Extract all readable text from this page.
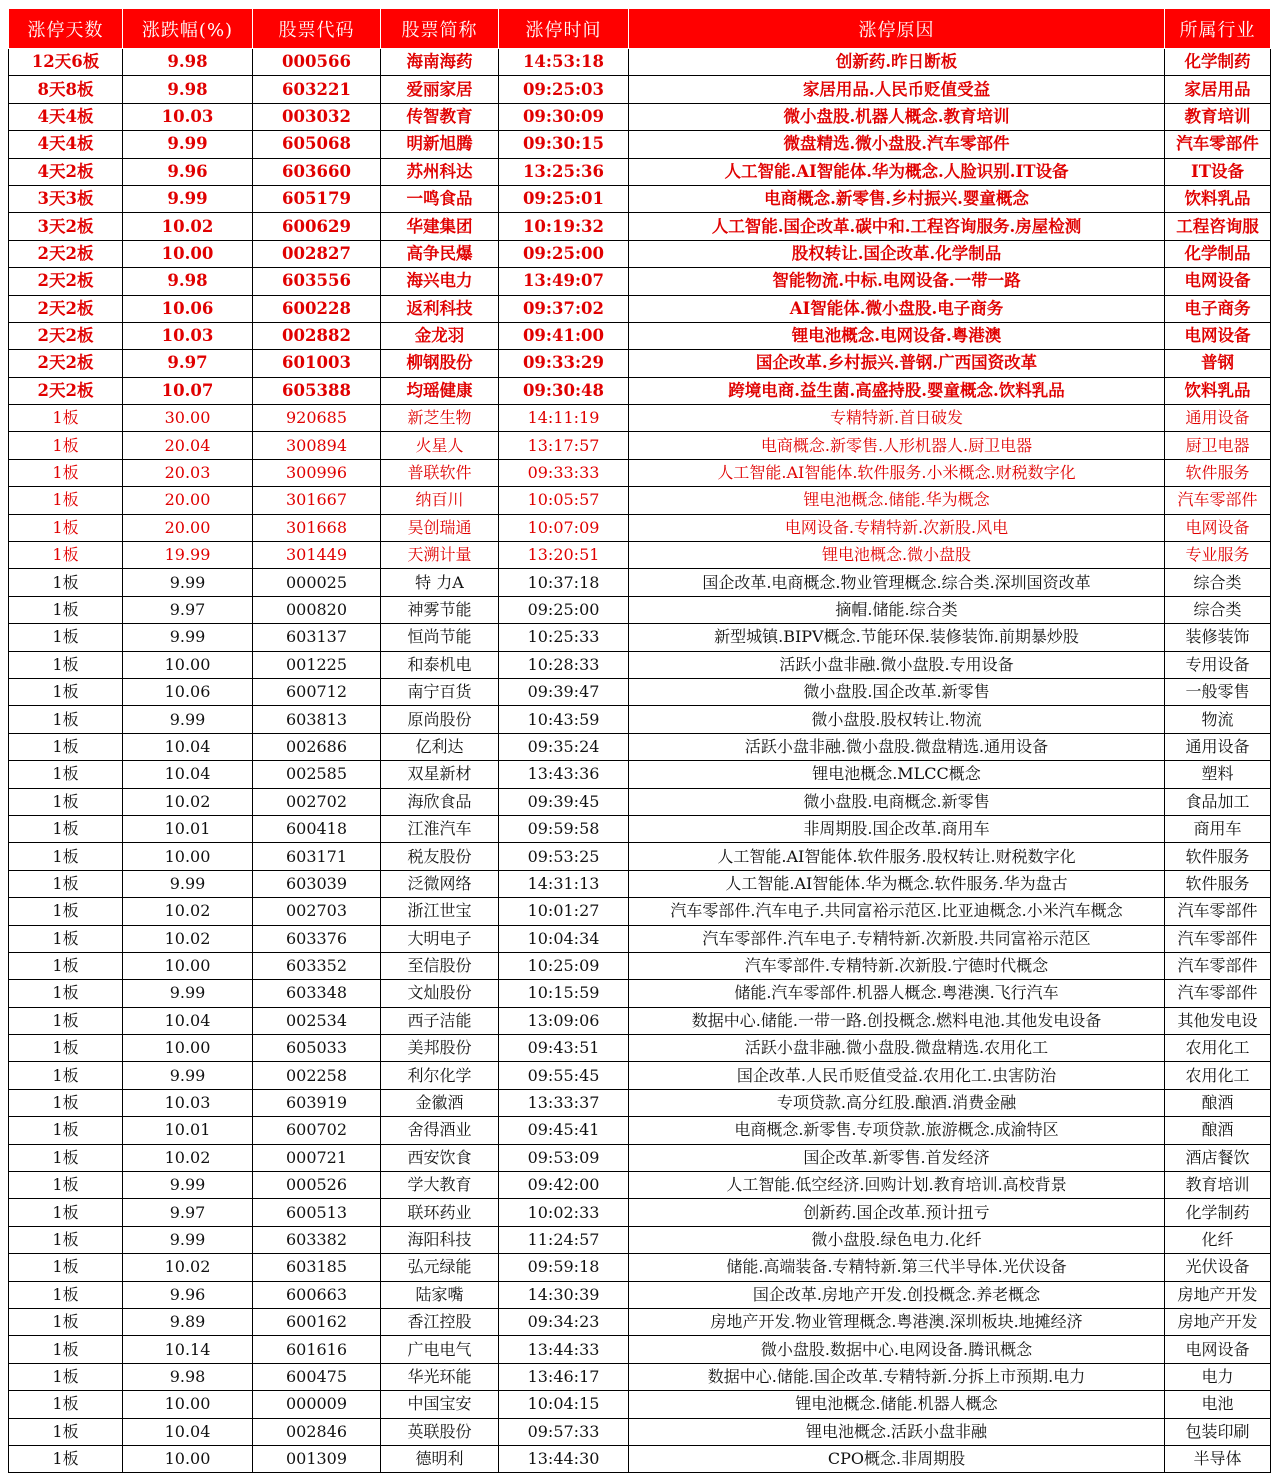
涨停天数	涨跌幅(%)	股票代码	股票简称	涨停时间	涨停原因	所属行业
12天6板	9.98	000566	海南海药	14:53:18	创新药.昨日断板	化学制药
8天8板	9.98	603221	爱丽家居	09:25:03	家居用品.人民币贬值受益	家居用品
4天4板	10.03	003032	传智教育	09:30:09	微小盘股.机器人概念.教育培训	教育培训
4天4板	9.99	605068	明新旭腾	09:30:15	微盘精选.微小盘股.汽车零部件	汽车零部件
4天2板	9.96	603660	苏州科达	13:25:36	人工智能.AI智能体.华为概念.人脸识别.IT设备	IT设备
3天3板	9.99	605179	一鸣食品	09:25:01	电商概念.新零售.乡村振兴.婴童概念	饮料乳品
3天2板	10.02	600629	华建集团	10:19:32	人工智能.国企改革.碳中和.工程咨询服务.房屋检测	工程咨询服
2天2板	10.00	002827	高争民爆	09:25:00	股权转让.国企改革.化学制品	化学制品
2天2板	9.98	603556	海兴电力	13:49:07	智能物流.中标.电网设备.一带一路	电网设备
2天2板	10.06	600228	返利科技	09:37:02	AI智能体.微小盘股.电子商务	电子商务
2天2板	10.03	002882	金龙羽	09:41:00	锂电池概念.电网设备.粤港澳	电网设备
2天2板	9.97	601003	柳钢股份	09:33:29	国企改革.乡村振兴.普钢.广西国资改革	普钢
2天2板	10.07	605388	均瑶健康	09:30:48	跨境电商.益生菌.高盛持股.婴童概念.饮料乳品	饮料乳品
1板	30.00	920685	新芝生物	14:11:19	专精特新.首日破发	通用设备
1板	20.04	300894	火星人	13:17:57	电商概念.新零售.人形机器人.厨卫电器	厨卫电器
1板	20.03	300996	普联软件	09:33:33	人工智能.AI智能体.软件服务.小米概念.财税数字化	软件服务
1板	20.00	301667	纳百川	10:05:57	锂电池概念.储能.华为概念	汽车零部件
1板	20.00	301668	昊创瑞通	10:07:09	电网设备.专精特新.次新股.风电	电网设备
1板	19.99	301449	天溯计量	13:20:51	锂电池概念.微小盘股	专业服务
1板	9.99	000025	特 力A	10:37:18	国企改革.电商概念.物业管理概念.综合类.深圳国资改革	综合类
1板	9.97	000820	神雾节能	09:25:00	摘帽.储能.综合类	综合类
1板	9.99	603137	恒尚节能	10:25:33	新型城镇.BIPV概念.节能环保.装修装饰.前期暴炒股	装修装饰
1板	10.00	001225	和泰机电	10:28:33	活跃小盘非融.微小盘股.专用设备	专用设备
1板	10.06	600712	南宁百货	09:39:47	微小盘股.国企改革.新零售	一般零售
1板	9.99	603813	原尚股份	10:43:59	微小盘股.股权转让.物流	物流
1板	10.04	002686	亿利达	09:35:24	活跃小盘非融.微小盘股.微盘精选.通用设备	通用设备
1板	10.04	002585	双星新材	13:43:36	锂电池概念.MLCC概念	塑料
1板	10.02	002702	海欣食品	09:39:45	微小盘股.电商概念.新零售	食品加工
1板	10.01	600418	江淮汽车	09:59:58	非周期股.国企改革.商用车	商用车
1板	10.00	603171	税友股份	09:53:25	人工智能.AI智能体.软件服务.股权转让.财税数字化	软件服务
1板	9.99	603039	泛微网络	14:31:13	人工智能.AI智能体.华为概念.软件服务.华为盘古	软件服务
1板	10.02	002703	浙江世宝	10:01:27	汽车零部件.汽车电子.共同富裕示范区.比亚迪概念.小米汽车概念	汽车零部件
1板	10.02	603376	大明电子	10:04:34	汽车零部件.汽车电子.专精特新.次新股.共同富裕示范区	汽车零部件
1板	10.00	603352	至信股份	10:25:09	汽车零部件.专精特新.次新股.宁德时代概念	汽车零部件
1板	9.99	603348	文灿股份	10:15:59	储能.汽车零部件.机器人概念.粤港澳.飞行汽车	汽车零部件
1板	10.04	002534	西子洁能	13:09:06	数据中心.储能.一带一路.创投概念.燃料电池.其他发电设备	其他发电设
1板	10.00	605033	美邦股份	09:43:51	活跃小盘非融.微小盘股.微盘精选.农用化工	农用化工
1板	9.99	002258	利尔化学	09:55:45	国企改革.人民币贬值受益.农用化工.虫害防治	农用化工
1板	10.03	603919	金徽酒	13:33:37	专项贷款.高分红股.酿酒.消费金融	酿酒
1板	10.01	600702	舍得酒业	09:45:41	电商概念.新零售.专项贷款.旅游概念.成渝特区	酿酒
1板	10.02	000721	西安饮食	09:53:09	国企改革.新零售.首发经济	酒店餐饮
1板	9.99	000526	学大教育	09:42:00	人工智能.低空经济.回购计划.教育培训.高校背景	教育培训
1板	9.97	600513	联环药业	10:02:33	创新药.国企改革.预计扭亏	化学制药
1板	9.99	603382	海阳科技	11:24:57	微小盘股.绿色电力.化纤	化纤
1板	10.02	603185	弘元绿能	09:59:18	储能.高端装备.专精特新.第三代半导体.光伏设备	光伏设备
1板	9.96	600663	陆家嘴	14:30:39	国企改革.房地产开发.创投概念.养老概念	房地产开发
1板	9.89	600162	香江控股	09:34:23	房地产开发.物业管理概念.粤港澳.深圳板块.地摊经济	房地产开发
1板	10.14	601616	广电电气	13:44:33	微小盘股.数据中心.电网设备.腾讯概念	电网设备
1板	9.98	600475	华光环能	13:46:17	数据中心.储能.国企改革.专精特新.分拆上市预期.电力	电力
1板	10.00	000009	中国宝安	10:04:15	锂电池概念.储能.机器人概念	电池
1板	10.04	002846	英联股份	09:57:33	锂电池概念.活跃小盘非融	包装印刷
1板	10.00	001309	德明利	13:44:30	CPO概念.非周期股	半导体
